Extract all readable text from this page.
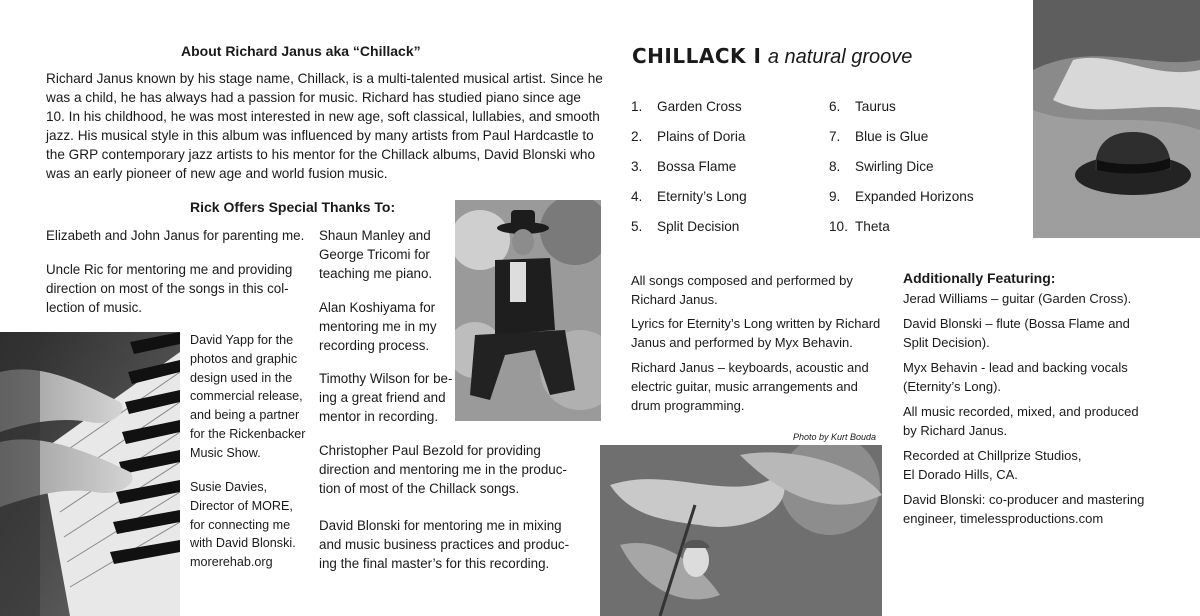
About Richard Janus aka “Chillack”
Richard Janus known by his stage name, Chillack, is a multi-talented musical artist. Since he
was a child, he has always had a passion for music. Richard has studied piano since age
10. In his childhood, he was most interested in new age, soft classical, lullabies, and smooth
jazz. His musical style in this album was influenced by many artists from Paul Hardcastle to
the GRP contemporary jazz artists to his mentor for the Chillack albums, David Blonski who
was an early pioneer of new age and world fusion music.
Rick Offers Special Thanks To:
Elizabeth and John Janus for parenting me.
Uncle Ric for mentoring me and providing
direction on most of the songs in this col-
lection of music.
Shaun Manley and
George Tricomi for
teaching me piano.
Alan Koshiyama for
mentoring me in my
recording process.
Timothy Wilson for be-
ing a great friend and
mentor in recording.
Christopher Paul Bezold for providing
direction and mentoring me in the produc-
tion of most of the Chillack songs.
David Blonski for mentoring me in mixing
and music business practices and produc-
ing the final master’s for this recording.
David Yapp for the
photos and graphic
design used in the
commercial release,
and being a partner
for the Rickenbacker
Music Show.
Susie Davies,
Director of MORE,
for connecting me
with David Blonski.
morerehab.org
Photo by Kurt Bouda
CHILLACK I a natural groove
1. Garden Cross
2. Plains of Doria
3. Bossa Flame
4. Eternity’s Long
5. Split Decision
6. Taurus
7. Blue is Glue
8. Swirling Dice
9. Expanded Horizons
10. Theta
All songs composed and performed by
Richard Janus.
Lyrics for Eternity’s Long written by Richard
Janus and performed by Myx Behavin.
Richard Janus – keyboards, acoustic and
electric guitar, music arrangements and
drum programming.
Additionally Featuring:
Jerad Williams – guitar (Garden Cross).
David Blonski – flute (Bossa Flame and
Split Decision).
Myx Behavin - lead and backing vocals
(Eternity’s Long).
All music recorded, mixed, and produced
by Richard Janus.
Recorded at Chillprize Studios,
El Dorado Hills, CA.
David Blonski: co-producer and mastering
engineer, timelessproductions.com
